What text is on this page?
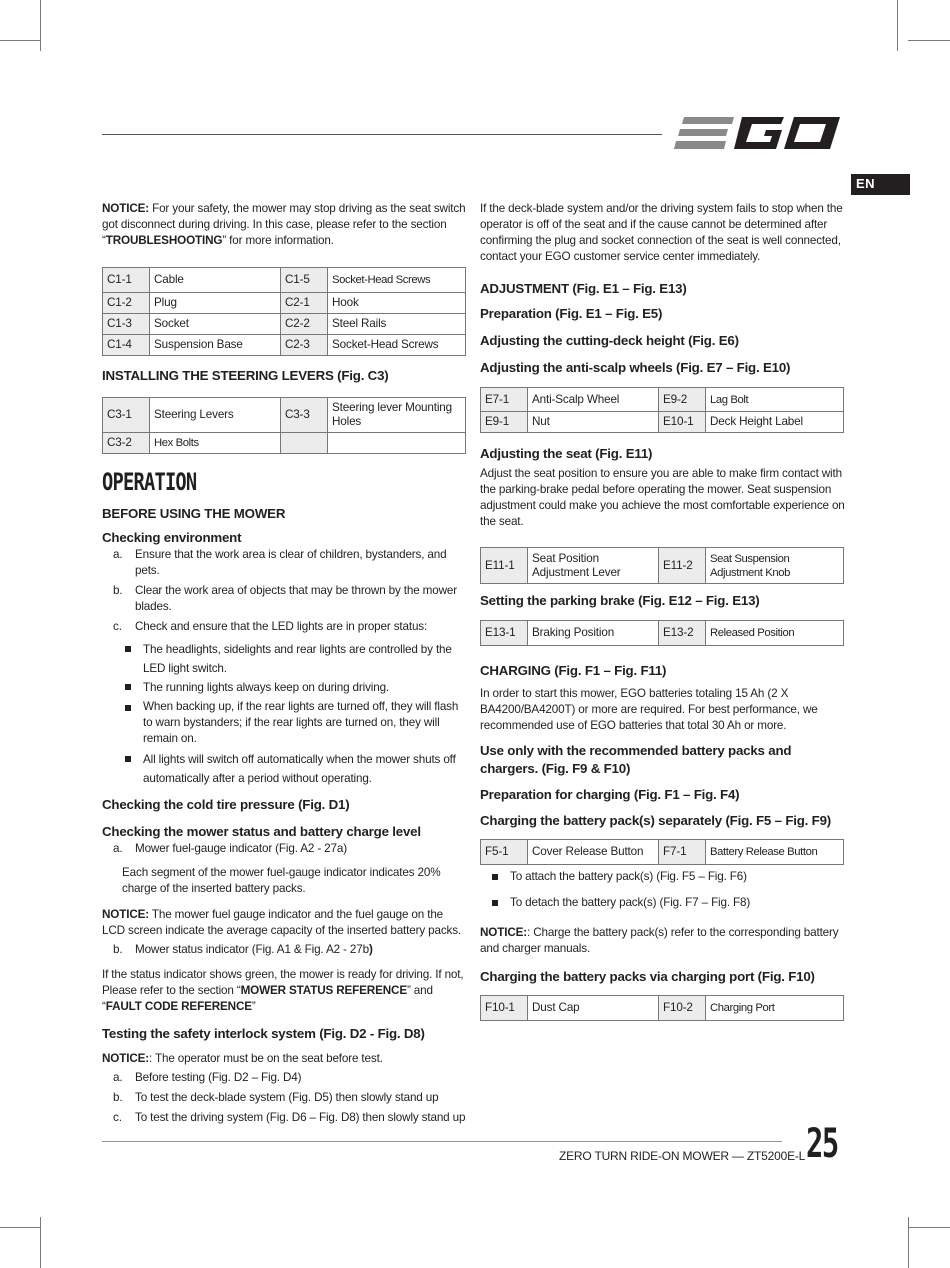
EN

NOTICE: For your safety, the mower may stop driving as the seat switch got disconnect during driving. In this case, please refer to the section “TROUBLESHOOTING” for more information.

C1-1	Cable	C1-5	Socket-Head Screws
C1-2	Plug	C2-1	Hook
C1-3	Socket	C2-2	Steel Rails
C1-4	Suspension Base	C2-3	Socket-Head Screws
INSTALLING THE STEERING LEVERS (Fig. C3)
C3-1	Steering Levers	C3-3	Steering lever Mounting Holes
C3-2	Hex Bolts		
OPERATION
BEFORE USING THE MOWER
Checking environment
a. Ensure that the work area is clear of children, bystanders, and pets.
b. Clear the work area of objects that may be thrown by the mower blades.
c. Check and ensure that the LED lights are in proper status:
The headlights, sidelights and rear lights are controlled by the LED light switch.
The running lights always keep on during driving.
When backing up, if the rear lights are turned off, they will flash to warn bystanders; if the rear lights are turned on, they will remain on.
All lights will switch off automatically when the mower shuts off automatically after a period without operating.
Checking the cold tire pressure (Fig. D1)
Checking the mower status and battery charge level
a. Mower fuel-gauge indicator (Fig. A2 - 27a)

Each segment of the mower fuel-gauge indicator indicates 20% charge of the inserted battery packs.

NOTICE: The mower fuel gauge indicator and the fuel gauge on the LCD screen indicate the average capacity of the inserted battery packs.

b. Mower status indicator (Fig. A1 & Fig. A2 - 27b)

If the status indicator shows green, the mower is ready for driving. If not, Please refer to the section “MOWER STATUS REFERENCE” and “FAULT CODE REFERENCE”

Testing the safety interlock system (Fig. D2 - Fig. D8)

NOTICE:: The operator must be on the seat before test.

a. Before testing (Fig. D2 – Fig. D4)
b. To test the deck-blade system (Fig. D5) then slowly stand up
c. To test the driving system (Fig. D6 – Fig. D8) then slowly stand up

If the deck-blade system and/or the driving system fails to stop when the operator is off of the seat and if the cause cannot be determined after confirming the plug and socket connection of the seat is well connected, contact your EGO customer service center immediately.

ADJUSTMENT (Fig. E1 – Fig. E13)
Preparation (Fig. E1 – Fig. E5)
Adjusting the cutting-deck height (Fig. E6)
Adjusting the anti-scalp wheels (Fig. E7 – Fig. E10)
E7-1	Anti-Scalp Wheel	E9-2	Lag Bolt
E9-1	Nut	E10-1	Deck Height Label
Adjusting the seat (Fig. E11)

Adjust the seat position to ensure you are able to make firm contact with the parking-brake pedal before operating the mower. Seat suspension adjustment could make you achieve the most comfortable experience on the seat.

E11-1	Seat Position Adjustment Lever	E11-2	Seat Suspension Adjustment Knob
Setting the parking brake (Fig. E12 – Fig. E13)
E13-1	Braking Position	E13-2	Released Position
CHARGING (Fig. F1 – Fig. F11)

In order to start this mower, EGO batteries totaling 15 Ah (2 X BA4200/BA4200T) or more are required. For best performance, we recommended use of EGO batteries that total 30 Ah or more.

Use only with the recommended battery packs and chargers. (Fig. F9 & F10)
Preparation for charging (Fig. F1 – Fig. F4)
Charging the battery pack(s) separately (Fig. F5 – Fig. F9)
F5-1	Cover Release Button	F7-1	Battery Release Button
To attach the battery pack(s) (Fig. F5 – Fig. F6)
To detach the battery pack(s) (Fig. F7 – Fig. F8)

NOTICE:: Charge the battery pack(s) refer to the corresponding battery and charger manuals.

Charging the battery packs via charging port (Fig. F10)
F10-1	Dust Cap	F10-2	Charging Port
ZERO TURN RIDE-ON MOWER — ZT5200E-L 25
